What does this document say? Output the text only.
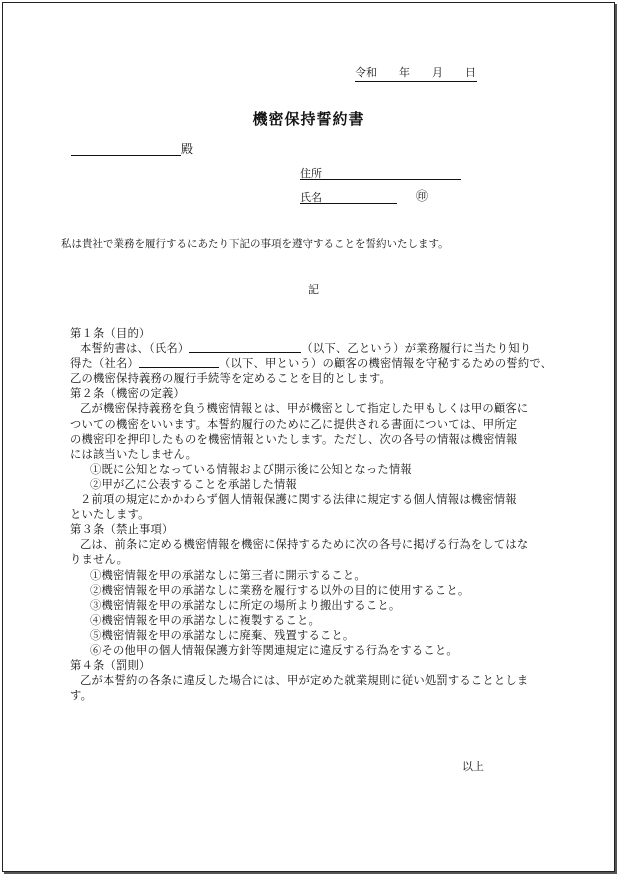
令和　　年　　月　　日
機密保持誓約書
殿
住所
氏名	㊞
私は貴社で業務を履行するにあたり下記の事項を遵守することを誓約いたします。
記

第１条（目的）

本誓約書は、（氏名）	（以下、乙という）が業務履行に当たり知り

得た（社名）	（以下、甲という）の顧客の機密情報を守秘するための誓約で、

乙の機密保持義務の履行手続等を定めることを目的とします。

第２条（機密の定義）

乙が機密保持義務を負う機密情報とは、甲が機密として指定した甲もしくは甲の顧客に

ついての機密をいいます。本誓約履行のために乙に提供される書面については、甲所定

の機密印を押印したものを機密情報といたします。ただし、次の各号の情報は機密情報

には該当いたしません。

①既に公知となっている情報および開示後に公知となった情報

②甲が乙に公表することを承諾した情報

２前項の規定にかかわらず個人情報保護に関する法律に規定する個人情報は機密情報

といたします。

第３条（禁止事項）

乙は、前条に定める機密情報を機密に保持するために次の各号に掲げる行為をしてはな

りません。

①機密情報を甲の承諾なしに第三者に開示すること。

②機密情報を甲の承諾なしに業務を履行する以外の目的に使用すること。

③機密情報を甲の承諾なしに所定の場所より搬出すること。

④機密情報を甲の承諾なしに複製すること。

⑤機密情報を甲の承諾なしに廃棄、残置すること。

⑥その他甲の個人情報保護方針等関連規定に違反する行為をすること。

第４条（罰則）

乙が本誓約の各条に違反した場合には、甲が定めた就業規則に従い処罰することとしま

す。

以上
